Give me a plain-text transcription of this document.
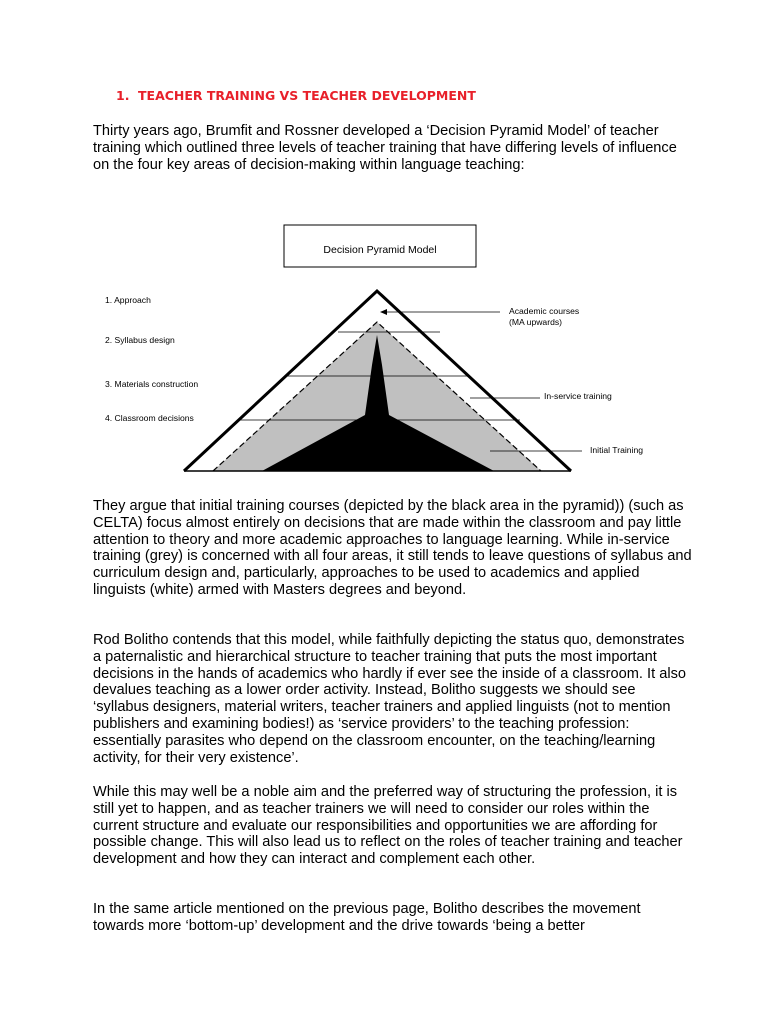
1. TEACHER TRAINING VS TEACHER DEVELOPMENT
Thirty years ago, Brumfit and Rossner developed a ‘Decision Pyramid Model’ of teacher training which outlined three levels of teacher training that have differing levels of influence on the four key areas of decision-making within language teaching:
Decision Pyramid Model
1. Approach
2. Syllabus design
3. Materials construction
4. Classroom decisions
Academic courses
(MA upwards)
In-service training
Initial Training
They argue that initial training courses (depicted by the black area in the pyramid)) (such as CELTA) focus almost entirely on decisions that are made within the classroom and pay little attention to theory and more academic approaches to language learning. While in-service training (grey) is concerned with all four areas, it still tends to leave questions of syllabus and curriculum design and, particularly, approaches to be used to academics and applied linguists (white) armed with Masters degrees and beyond.
Rod Bolitho contends that this model, while faithfully depicting the status quo, demonstrates a paternalistic and hierarchical structure to teacher training that puts the most important decisions in the hands of academics who hardly if ever see the inside of a classroom. It also devalues teaching as a lower order activity. Instead, Bolitho suggests we should see ‘syllabus designers, material writers, teacher trainers and applied linguists (not to mention publishers and examining bodies!) as ‘service providers’ to the teaching profession: essentially parasites who depend on the classroom encounter, on the teaching/learning activity, for their very existence’.
While this may well be a noble aim and the preferred way of structuring the profession, it is still yet to happen, and as teacher trainers we will need to consider our roles within the current structure and evaluate our responsibilities and opportunities we are affording for possible change. This will also lead us to reflect on the roles of teacher training and teacher development and how they can interact and complement each other.
In the same article mentioned on the previous page, Bolitho describes the movement towards more ‘bottom-up’ development and the drive towards ‘being a better
